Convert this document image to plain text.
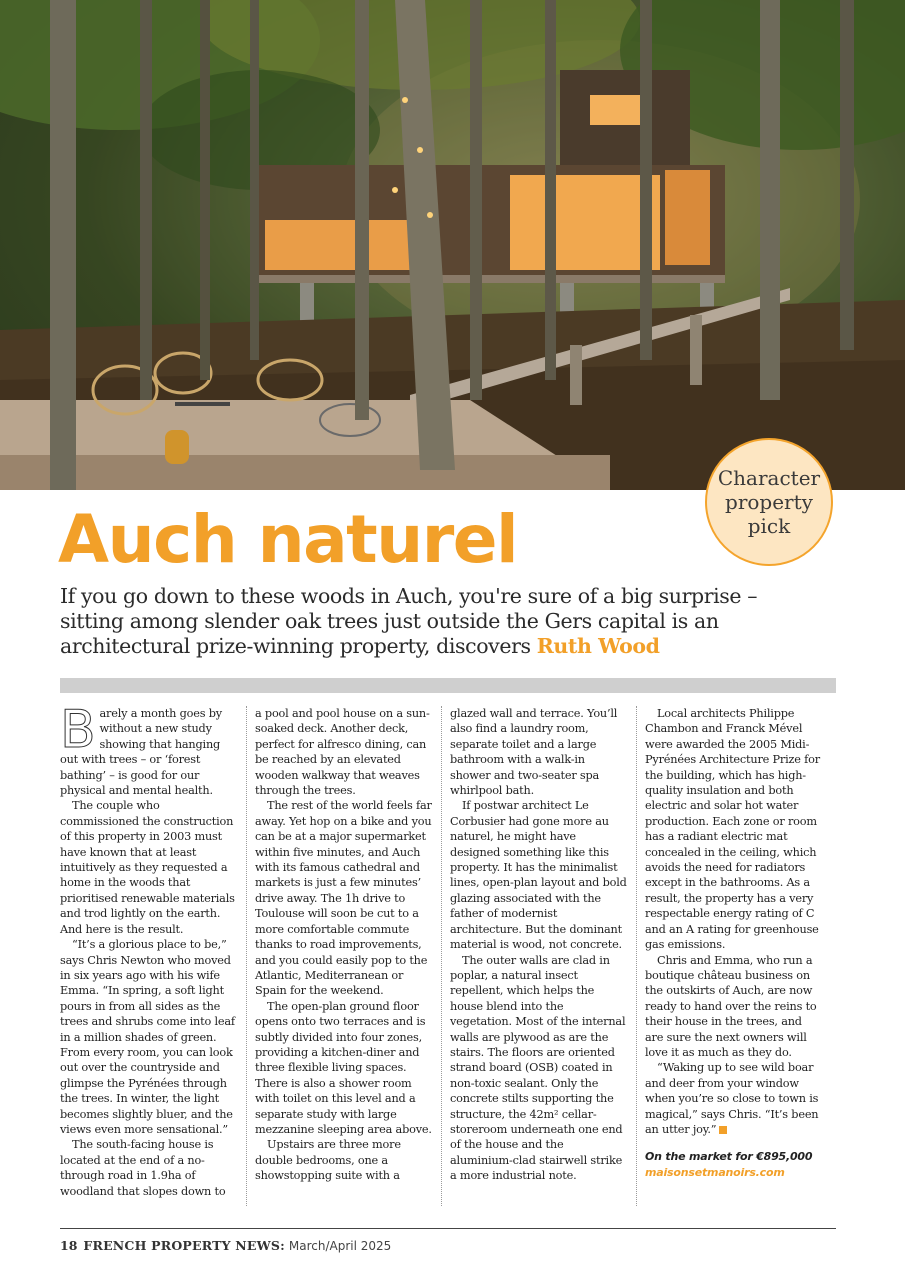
Character property pick
Auch naturel

If you go down to these woods in Auch, you're sure of a big surprise – sitting among slender oak trees just outside the Gers capital is an architectural prize-winning property, discovers Ruth Wood

Barely a month goes by without a new study showing that hanging out with trees – or ‘forest bathing’ – is good for our physical and mental health.

The couple who commissioned the construction of this property in 2003 must have known that at least intuitively as they requested a home in the woods that prioritised renewable materials and trod lightly on the earth. And here is the result.

“It’s a glorious place to be,” says Chris Newton who moved in six years ago with his wife Emma. “In spring, a soft light pours in from all sides as the trees and shrubs come into leaf in a million shades of green. From every room, you can look out over the countryside and glimpse the Pyrénées through the trees. In winter, the light becomes slightly bluer, and the views even more sensational.”

The south-facing house is located at the end of a no-through road in 1.9ha of woodland that slopes down to

a pool and pool house on a sun-soaked deck. Another deck, perfect for alfresco dining, can be reached by an elevated wooden walkway that weaves through the trees.

The rest of the world feels far away. Yet hop on a bike and you can be at a major supermarket within five minutes, and Auch with its famous cathedral and markets is just a few minutes’ drive away. The 1h drive to Toulouse will soon be cut to a more comfortable commute thanks to road improvements, and you could easily pop to the Atlantic, Mediterranean or Spain for the weekend.

The open-plan ground floor opens onto two terraces and is subtly divided into four zones, providing a kitchen-diner and three flexible living spaces. There is also a shower room with toilet on this level and a separate study with large mezzanine sleeping area above.

Upstairs are three more double bedrooms, one a showstopping suite with a

glazed wall and terrace. You’ll also find a laundry room, separate toilet and a large bathroom with a walk-in shower and two-seater spa whirlpool bath.

If postwar architect Le Corbusier had gone more au naturel, he might have designed something like this property. It has the minimalist lines, open-plan layout and bold glazing associated with the father of modernist architecture. But the dominant material is wood, not concrete.

The outer walls are clad in poplar, a natural insect repellent, which helps the house blend into the vegetation. Most of the internal walls are plywood as are the stairs. The floors are oriented strand board (OSB) coated in non-toxic sealant. Only the concrete stilts supporting the structure, the 42m² cellar-storeroom underneath one end of the house and the aluminium-clad stairwell strike a more industrial note.

Local architects Philippe Chambon and Franck Mével were awarded the 2005 Midi-Pyrénées Architecture Prize for the building, which has high-quality insulation and both electric and solar hot water production. Each zone or room has a radiant electric mat concealed in the ceiling, which avoids the need for radiators except in the bathrooms. As a result, the property has a very respectable energy rating of C and an A rating for greenhouse gas emissions.

Chris and Emma, who run a boutique château business on the outskirts of Auch, are now ready to hand over the reins to their house in the trees, and are sure the next owners will love it as much as they do.

“Waking up to see wild boar and deer from your window when you’re so close to town is magical,” says Chris. “It’s been an utter joy.”

On the market for €895,000

maisonsetmanoirs.com

18 FRENCH PROPERTY NEWS: March/April 2025
